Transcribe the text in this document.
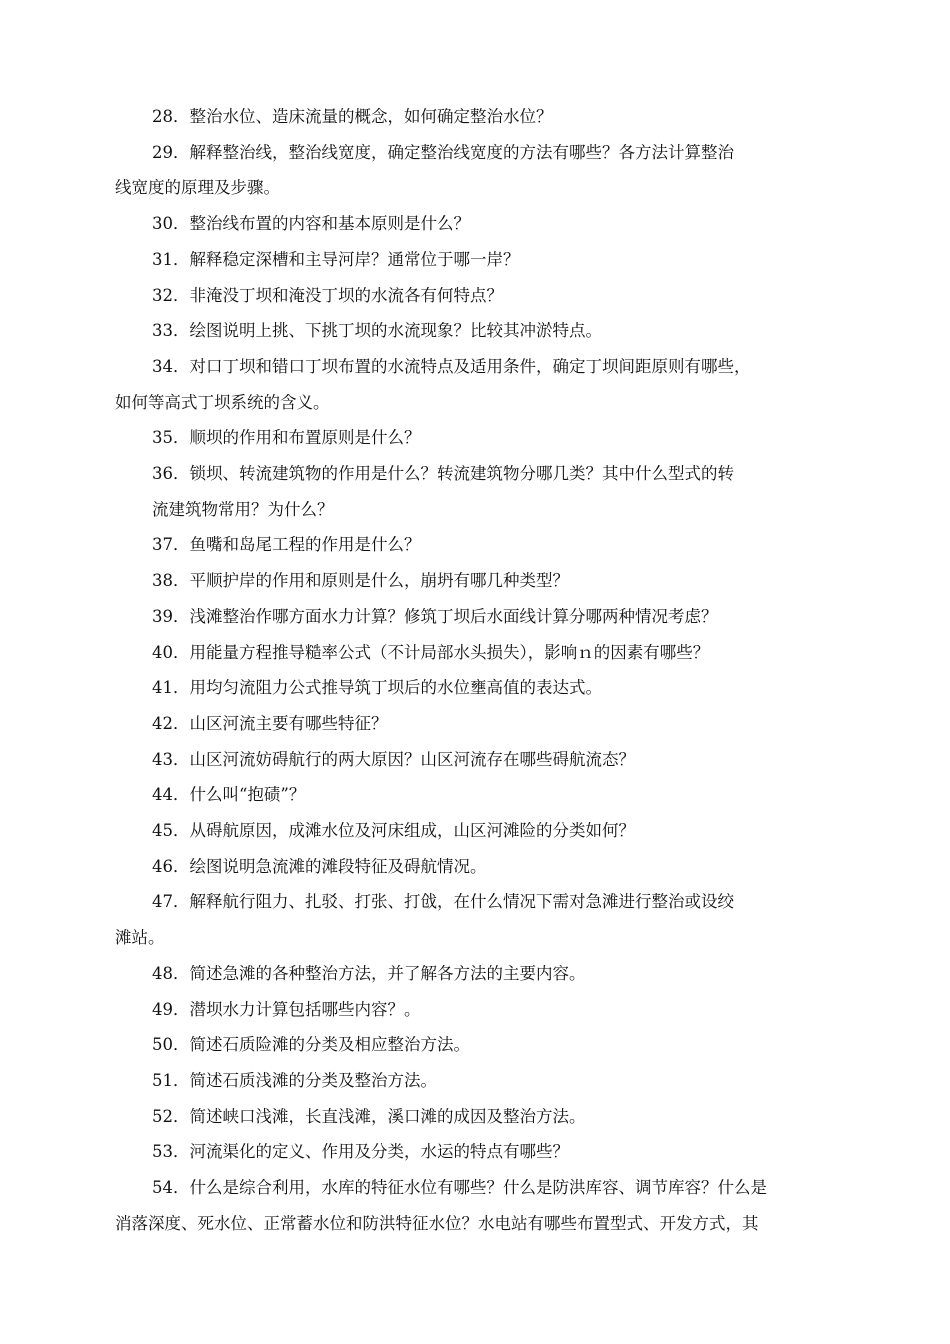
28．整治水位、造床流量的概念，如何确定整治水位？

29．解释整治线，整治线宽度，确定整治线宽度的方法有哪些？各方法计算整治
线宽度的原理及步骤。

30．整治线布置的内容和基本原则是什么？

31．解释稳定深槽和主导河岸？通常位于哪一岸？

32．非淹没丁坝和淹没丁坝的水流各有何特点？

33．绘图说明上挑、下挑丁坝的水流现象？比较其冲淤特点。

34．对口丁坝和错口丁坝布置的水流特点及适用条件，确定丁坝间距原则有哪些，
如何等高式丁坝系统的含义。

35．顺坝的作用和布置原则是什么？

36．锁坝、转流建筑物的作用是什么？转流建筑物分哪几类？其中什么型式的转
流建筑物常用？为什么？

37．鱼嘴和岛尾工程的作用是什么？

38．平顺护岸的作用和原则是什么，崩坍有哪几种类型？

39．浅滩整治作哪方面水力计算？修筑丁坝后水面线计算分哪两种情况考虑？

40．用能量方程推导糙率公式（不计局部水头损失），影响ｎ的因素有哪些？

41．用均匀流阻力公式推导筑丁坝后的水位壅高值的表达式。

42．山区河流主要有哪些特征？

43．山区河流妨碍航行的两大原因？山区河流存在哪些碍航流态？

44．什么叫“抱碛”？

45．从碍航原因，成滩水位及河床组成，山区河滩险的分类如何？

46．绘图说明急流滩的滩段特征及碍航情况。

47．解释航行阻力、扎驳、打张、打戗，在什么情况下需对急滩进行整治或设绞
滩站。

48．简述急滩的各种整治方法，并了解各方法的主要内容。

49．潜坝水力计算包括哪些内容？。

50．简述石质险滩的分类及相应整治方法。

51．简述石质浅滩的分类及整治方法。

52．简述峡口浅滩，长直浅滩，溪口滩的成因及整治方法。

53．河流渠化的定义、作用及分类，水运的特点有哪些？

54．什么是综合利用，水库的特征水位有哪些？什么是防洪库容、调节库容？什么是
消落深度、死水位、正常蓄水位和防洪特征水位？水电站有哪些布置型式、开发方式，其
